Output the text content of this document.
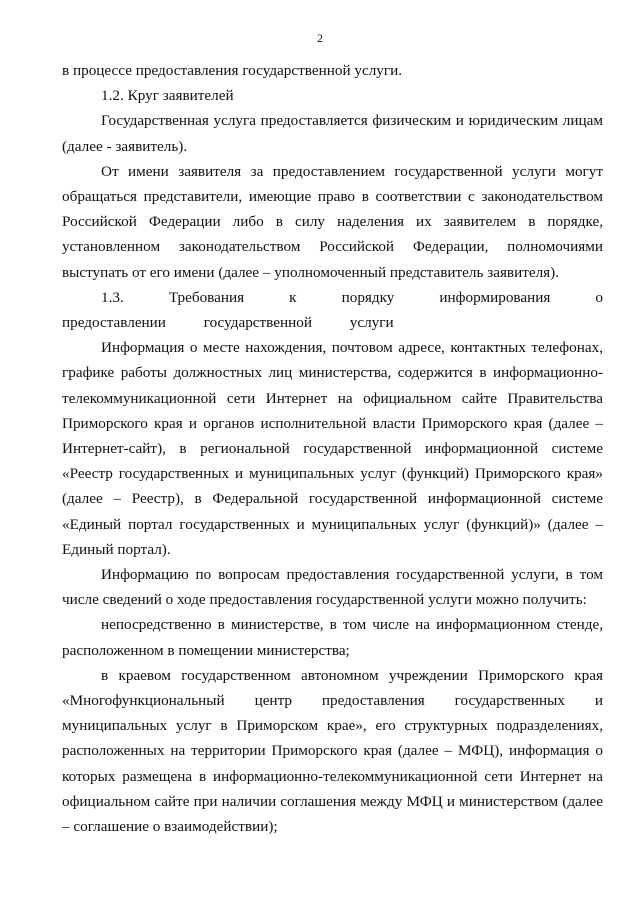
2

в процессе предоставления государственной услуги.

1.2. Круг заявителей

Государственная услуга предоставляется физическим и юридическим лицам (далее - заявитель).

От имени заявителя за предоставлением государственной услуги могут обращаться представители, имеющие право в соответствии с законодательством Российской Федерации либо в силу наделения их заявителем в порядке, установленном законодательством Российской Федерации, полномочиями выступать от его имени (далее – уполномоченный представитель заявителя).

1.3. Требования к порядку информирования о предоставлении государственной услуги

Информация о месте нахождения, почтовом адресе, контактных телефонах, графике работы должностных лиц министерства, содержится в информационно-телекоммуникационной сети Интернет на официальном сайте Правительства Приморского края и органов исполнительной власти Приморского края (далее – Интернет-сайт), в региональной государственной информационной системе «Реестр государственных и муниципальных услуг (функций) Приморского края» (далее – Реестр), в Федеральной государственной информационной системе «Единый портал государственных и муниципальных услуг (функций)» (далее – Единый портал).

Информацию по вопросам предоставления государственной услуги, в том числе сведений о ходе предоставления государственной услуги можно получить:

непосредственно в министерстве, в том числе на информационном стенде, расположенном в помещении министерства;

в краевом государственном автономном учреждении Приморского края «Многофункциональный центр предоставления государственных и муниципальных услуг в Приморском крае», его структурных подразделениях, расположенных на территории Приморского края (далее – МФЦ), информация о которых размещена в информационно-телекоммуникационной сети Интернет на официальном сайте при наличии соглашения между МФЦ и министерством (далее – соглашение о взаимодействии);
